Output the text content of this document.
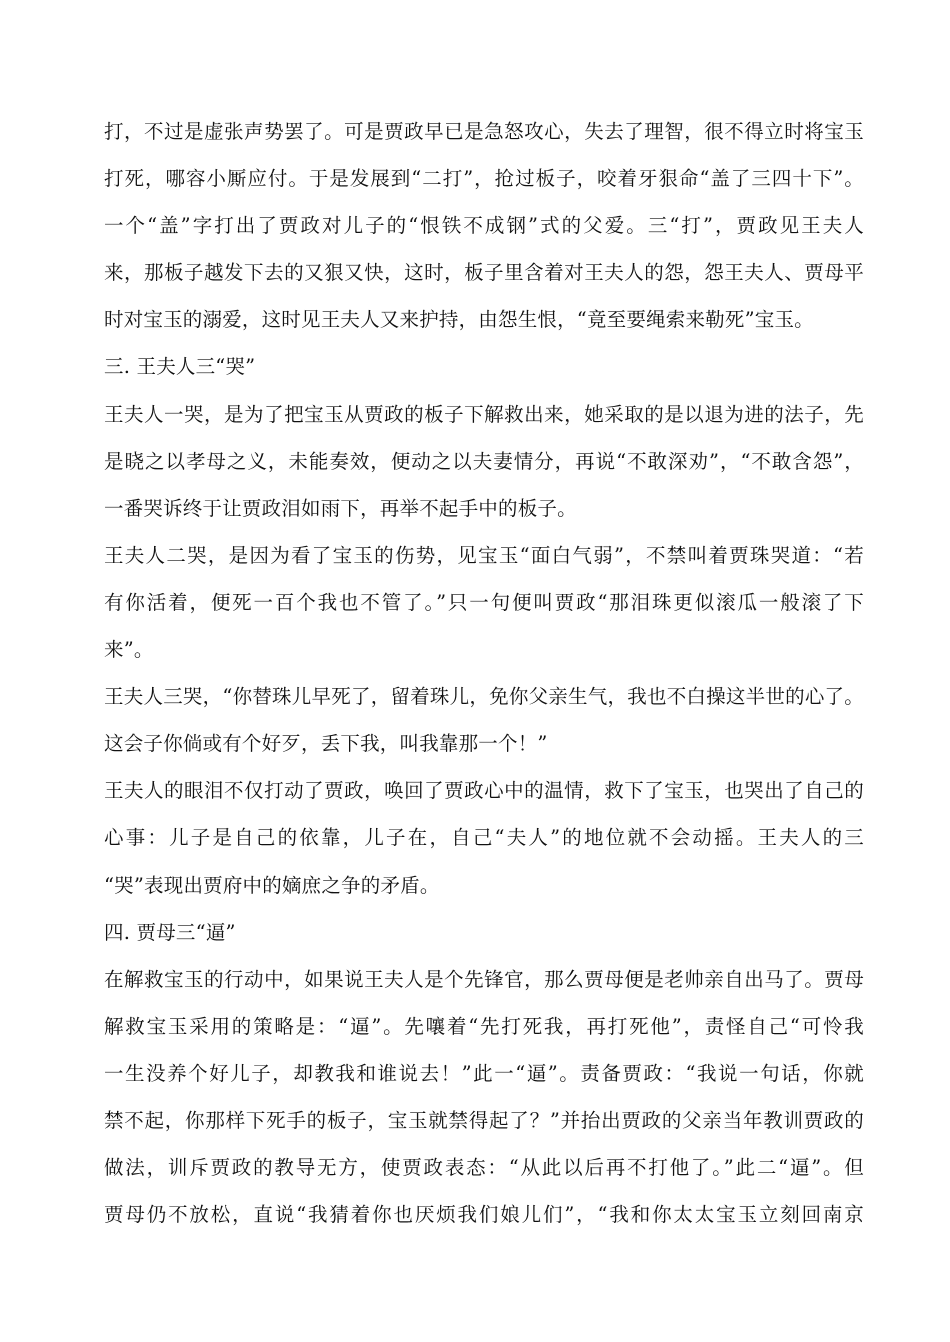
打，不过是虚张声势罢了。可是贾政早已是急怒攻心，失去了理智，很不得立时将宝玉
打死，哪容小厮应付。于是发展到“二打”，抢过板子，咬着牙狠命“盖了三四十下”。
一个“盖”字打出了贾政对儿子的“恨铁不成钢”式的父爱。三“打”，贾政见王夫人
来，那板子越发下去的又狠又快，这时，板子里含着对王夫人的怨，怨王夫人、贾母平
时对宝玉的溺爱，这时见王夫人又来护持，由怨生恨，“竟至要绳索来勒死”宝玉。
三. 王夫人三“哭”
王夫人一哭，是为了把宝玉从贾政的板子下解救出来，她采取的是以退为进的法子，先
是晓之以孝母之义，未能奏效，便动之以夫妻情分，再说“不敢深劝”，“不敢含怨”，
一番哭诉终于让贾政泪如雨下，再举不起手中的板子。
王夫人二哭，是因为看了宝玉的伤势，见宝玉“面白气弱”，不禁叫着贾珠哭道：“若
有你活着，便死一百个我也不管了。”只一句便叫贾政“那泪珠更似滚瓜一般滚了下
来”。
王夫人三哭，“你替珠儿早死了，留着珠儿，免你父亲生气，我也不白操这半世的心了。
这会子你倘或有个好歹，丢下我，叫我靠那一个！”
王夫人的眼泪不仅打动了贾政，唤回了贾政心中的温情，救下了宝玉，也哭出了自己的
心事：儿子是自己的依靠，儿子在，自己“夫人”的地位就不会动摇。王夫人的三
“哭”表现出贾府中的嫡庶之争的矛盾。
四. 贾母三“逼”
在解救宝玉的行动中，如果说王夫人是个先锋官，那么贾母便是老帅亲自出马了。贾母
解救宝玉采用的策略是：“逼”。先嚷着“先打死我，再打死他”，责怪自己“可怜我
一生没养个好儿子，却教我和谁说去！”此一“逼”。责备贾政：“我说一句话，你就
禁不起，你那样下死手的板子，宝玉就禁得起了？”并抬出贾政的父亲当年教训贾政的
做法，训斥贾政的教导无方，使贾政表态：“从此以后再不打他了。”此二“逼”。但
贾母仍不放松，直说“我猜着你也厌烦我们娘儿们”，“我和你太太宝玉立刻回南京
